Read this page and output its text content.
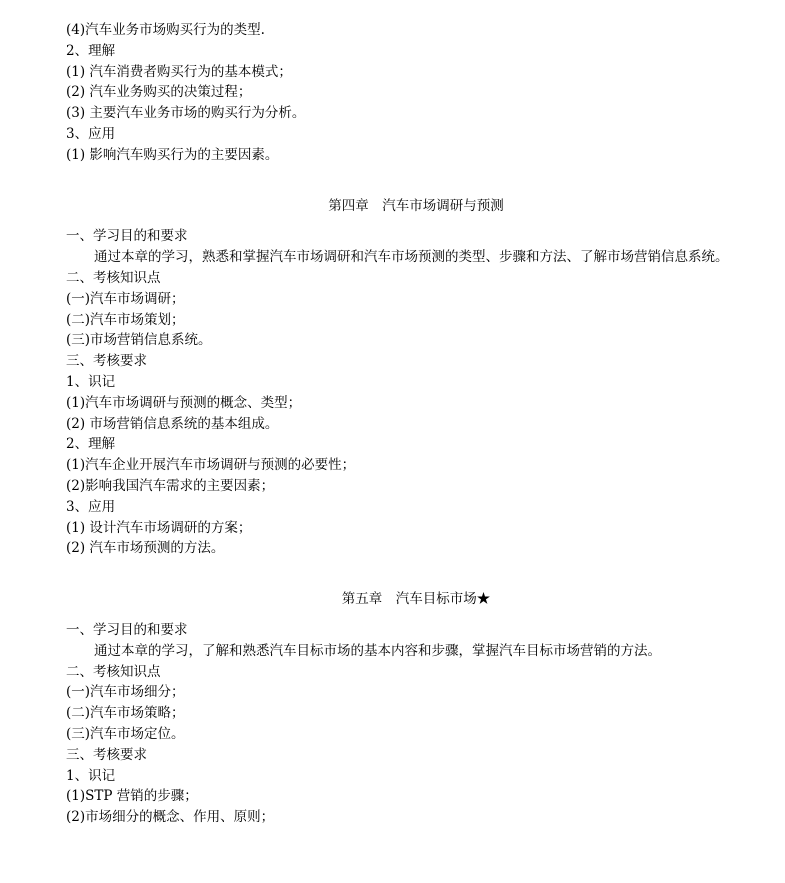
(4)汽车业务市场购买行为的类型.
2、理解
(1) 汽车消费者购买行为的基本模式；
(2) 汽车业务购买的决策过程；
(3) 主要汽车业务市场的购买行为分析。
3、应用
(1) 影响汽车购买行为的主要因素。
第四章　汽车市场调研与预测
一、学习目的和要求
通过本章的学习，熟悉和掌握汽车市场调研和汽车市场预测的类型、步骤和方法、了解市场营销信息系统。
二、考核知识点
(一)汽车市场调研；
(二)汽车市场策划；
(三)市场营销信息系统。
三、考核要求
1、识记
(1)汽车市场调研与预测的概念、类型；
(2) 市场营销信息系统的基本组成。
2、理解
(1)汽车企业开展汽车市场调研与预测的必要性；
(2)影响我国汽车需求的主要因素；
3、应用
(1) 设计汽车市场调研的方案；
(2) 汽车市场预测的方法。
第五章　汽车目标市场★
一、学习目的和要求
通过本章的学习，了解和熟悉汽车目标市场的基本内容和步骤，掌握汽车目标市场营销的方法。
二、考核知识点
(一)汽车市场细分；
(二)汽车市场策略；
(三)汽车市场定位。
三、考核要求
1、识记
(1)STP 营销的步骤；
(2)市场细分的概念、作用、原则；
